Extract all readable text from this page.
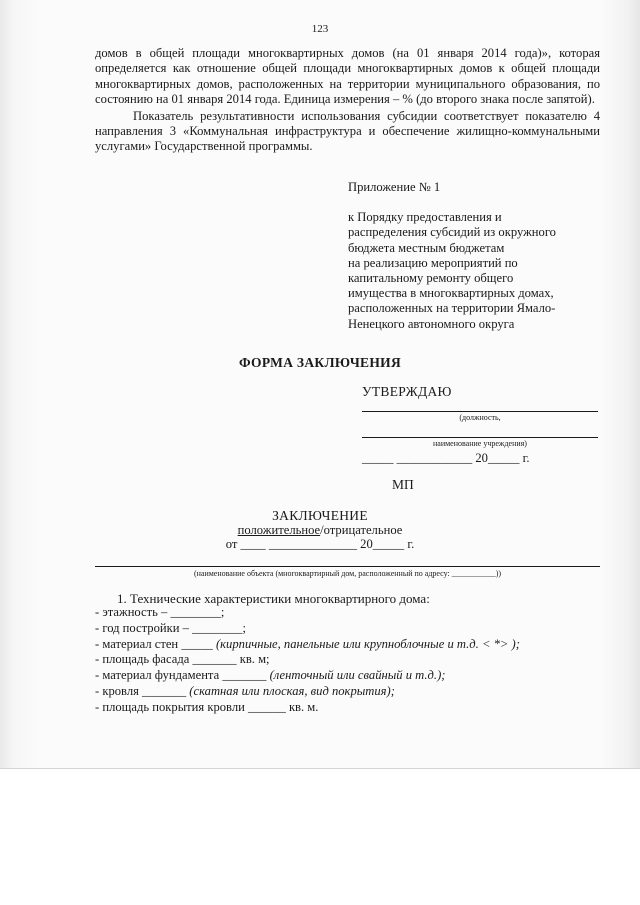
123

домов в общей площади многоквартирных домов (на 01 января 2014 года)», которая определяется как отношение общей площади многоквартирных домов к общей площади многоквартирных домов, расположенных на территории муниципального образования, по состоянию на 01 января 2014 года. Единица измерения – % (до второго знака после запятой).

Показатель результативности использования субсидии соответствует показателю 4 направления 3 «Коммунальная инфраструктура и обеспечение жилищно-коммунальными услугами» Государственной программы.

Приложение № 1

к Порядку предоставления и

распределения субсидий из окружного

бюджета местным бюджетам

на реализацию мероприятий по

капитальному ремонту общего

имущества в многоквартирных домах,

расположенных на территории Ямало-

Ненецкого автономного округа

ФОРМА ЗАКЛЮЧЕНИЯ
УТВЕРЖДАЮ
(должность,
наименование учреждения)
_____ ____________ 20_____ г.
МП
ЗАКЛЮЧЕНИЕ
положительное/отрицательное
от ____ ______________ 20_____ г.
(наименование объекта (многоквартирный дом, расположенный по адресу: ___________))
1. Технические характеристики многоквартирного дома:
- этажность – ________;
- год постройки – ________;
- материал стен _____ (кирпичные, панельные или крупноблочные и т.д. < *> );
- площадь фасада _______ кв. м;
- материал фундамента _______ (ленточный или свайный и т.д.);
- кровля _______ (скатная или плоская, вид покрытия);
- площадь покрытия кровли ______ кв. м.
